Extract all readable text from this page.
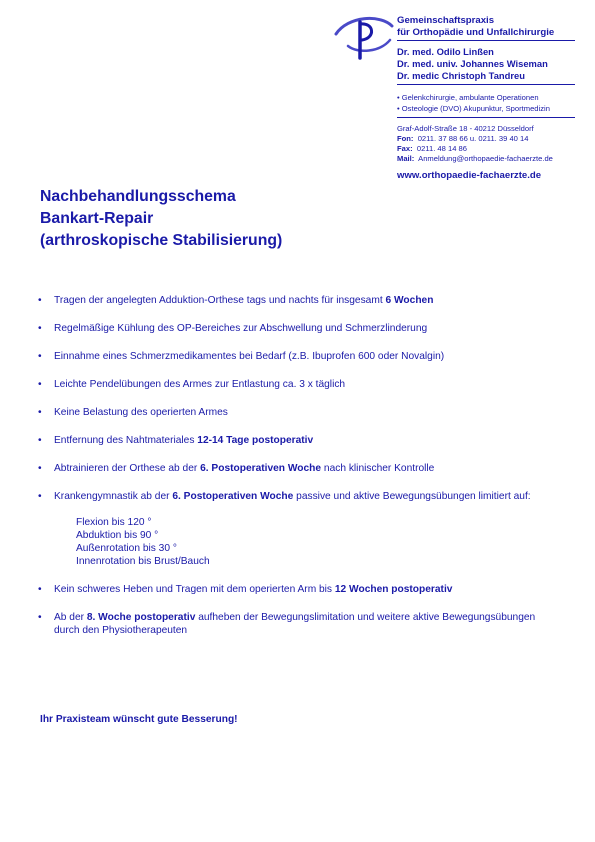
Gemeinschaftspraxis
für Orthopädie und Unfallchirurgie
Dr. med. Odilo Linßen
Dr. med. univ. Johannes Wiseman
Dr. medic Christoph Tandreu
• Gelenkchirurgie, ambulante Operationen
• Osteologie (DVO) Akupunktur, Sportmedizin
Graf-Adolf-Straße 18 - 40212 Düsseldorf
Fon: 0211. 37 88 66 u. 0211. 39 40 14
Fax: 0211. 48 14 86
Mail: Anmeldung@orthopaedie-fachaerzte.de
www.orthopaedie-fachaerzte.de
Nachbehandlungsschema
Bankart-Repair
(arthroskopische Stabilisierung)
• Tragen der angelegten Adduktion-Orthese tags und nachts für insgesamt 6 Wochen
• Regelmäßige Kühlung des OP-Bereiches zur Abschwellung und Schmerzlinderung
• Einnahme eines Schmerzmedikamentes bei Bedarf (z.B. Ibuprofen 600 oder Novalgin)
• Leichte Pendelübungen des Armes zur Entlastung ca. 3 x täglich
• Keine Belastung des operierten Armes
• Entfernung des Nahtmateriales 12-14 Tage postoperativ
• Abtrainieren der Orthese ab der 6. Postoperativen Woche nach klinischer Kontrolle
• Krankengymnastik ab der 6. Postoperativen Woche passive und aktive Bewegungsübungen limitiert auf:
Flexion bis 120 °
Abduktion bis 90 °
Außenrotation bis 30 °
Innenrotation bis Brust/Bauch
• Kein schweres Heben und Tragen mit dem operierten Arm bis 12 Wochen postoperativ
• Ab der 8. Woche postoperativ aufheben der Bewegungslimitation und weitere aktive Bewegungsübungen durch den Physiotherapeuten
Ihr Praxisteam wünscht gute Besserung!
